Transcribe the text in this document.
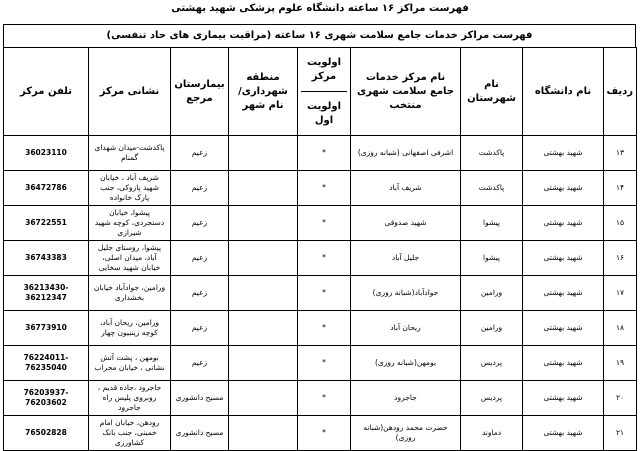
فهرست مراکز ۱۶ ساعته دانشگاه علوم پزشکی شهید بهشتی
فهرست مراکز خدمات جامع سلامت شهری ۱۶ ساعته (مراقبت بیماری های حاد تنفسی)
ردیف	نام دانشگاه	نام شهرستان	نام مرکز خدمات جامع سلامت شهری منتخب	اولویت مرکز
اولویت اول	منطقه شهرداری/ نام شهر	بیمارستان مرجع	نشانی مرکز	تلفن مرکز
۱۳	شهید بهشتی	پاکدشت	اشرفی اصفهانی (شبانه روزی)	*		زعیم	پاکدشت-میدان شهدای گمنام	36023110
۱۴	شهید بهشتی	پاکدشت	شریف آباد	*		زعیم	شریف آباد ، خیابان شهید پازوکی، جنب پارک خانواده	36472786
۱۵	شهید بهشتی	پیشوا	شهید صدوقی	*		زعیم	پیشوا، خیابان دستجردی، کوچه شهید شیرازی	36722551
۱۶	شهید بهشتی	پیشوا	جلیل آباد	*		زعیم	پیشوا، روستای جلیل آباد، میدان اصلی، خیابان شهید سخایی	36743383
۱۷	شهید بهشتی	ورامین	جوادآباد(شبانه روزی)	*		زعیم	ورامین، جوادآباد خیابان بخشداری	36213430-36212347
۱۸	شهید بهشتی	ورامین	ریحان آباد	*		زعیم	ورامین، ریحان آباد، کوچه زینبیون چهار	36773910
۱۹	شهید بهشتی	پردیس	بومهن(شبانه روزی)	*		زعیم	بومهن ، پشت آتش نشانی ، خیابان محراب	76224011-76235040
۲۰	شهید بهشتی	پردیس	جاجرود	*		مسیح دانشوری	جاجرود ،جاده قدیم ، روبروی پلیس راه جاجرود	76203937-76203602
۲۱	شهید بهشتی	دماوند	حضرت محمد رودهن(شبانه روزی)	*		مسیح دانشوری	رودهن، خیابان امام خمینی، جنب بانک کشاورزی	76502828
